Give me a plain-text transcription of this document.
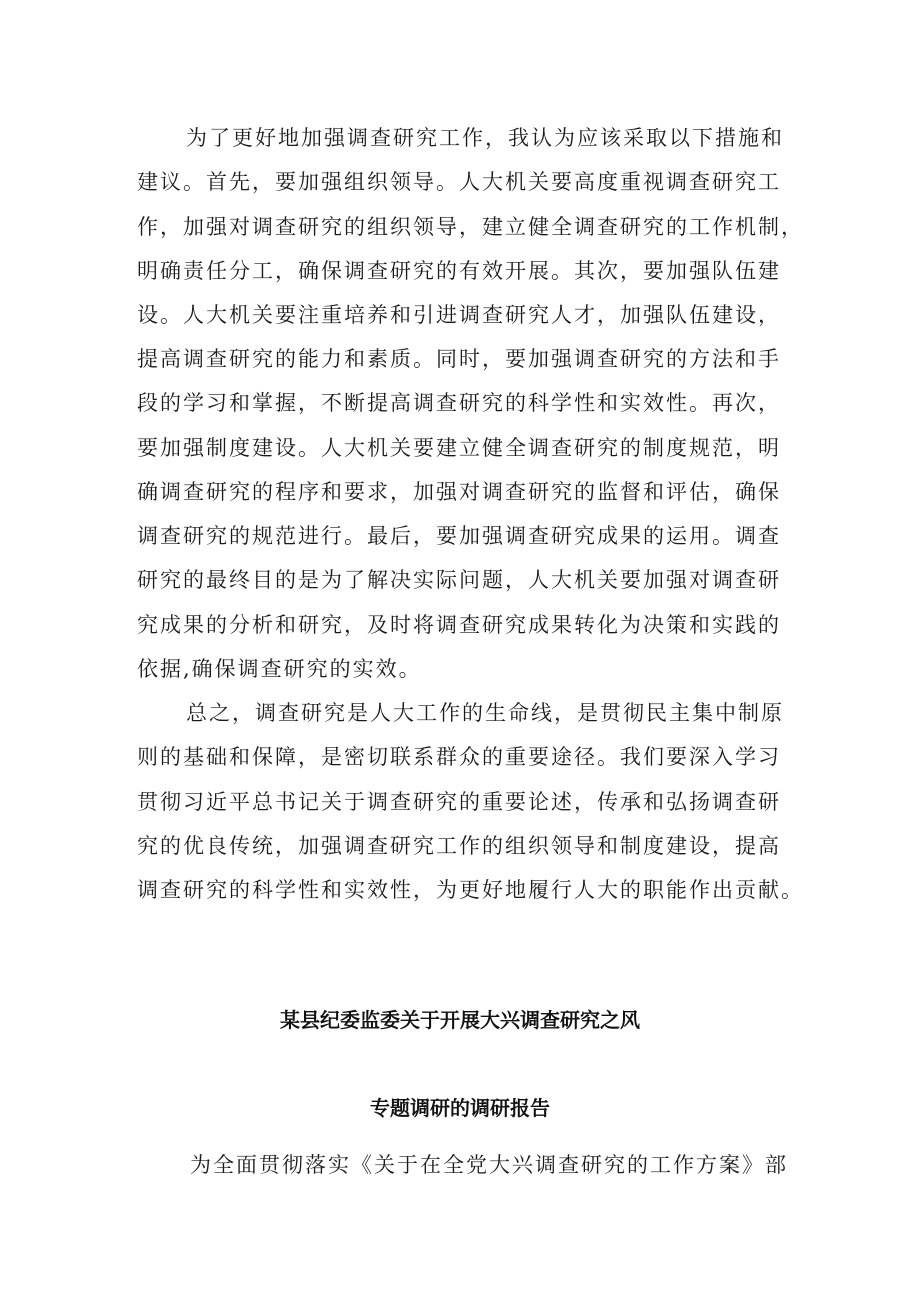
为了更好地加强调查研究工作，我认为应该采取以下措施和
建议。首先，要加强组织领导。人大机关要高度重视调查研究工
作，加强对调查研究的组织领导，建立健全调查研究的工作机制，
明确责任分工，确保调查研究的有效开展。其次，要加强队伍建
设。人大机关要注重培养和引进调查研究人才，加强队伍建设，
提高调查研究的能力和素质。同时，要加强调查研究的方法和手
段的学习和掌握，不断提高调查研究的科学性和实效性。再次，
要加强制度建设。人大机关要建立健全调查研究的制度规范，明
确调查研究的程序和要求，加强对调查研究的监督和评估，确保
调查研究的规范进行。最后，要加强调查研究成果的运用。调查
研究的最终目的是为了解决实际问题，人大机关要加强对调查研
究成果的分析和研究，及时将调查研究成果转化为决策和实践的
依据,确保调查研究的实效。
总之，调查研究是人大工作的生命线，是贯彻民主集中制原
则的基础和保障，是密切联系群众的重要途径。我们要深入学习
贯彻习近平总书记关于调查研究的重要论述，传承和弘扬调查研
究的优良传统，加强调查研究工作的组织领导和制度建设，提高
调查研究的科学性和实效性，为更好地履行人大的职能作出贡献。
某县纪委监委关于开展大兴调查研究之风
专题调研的调研报告
为全面贯彻落实《关于在全党大兴调查研究的工作方案》部
